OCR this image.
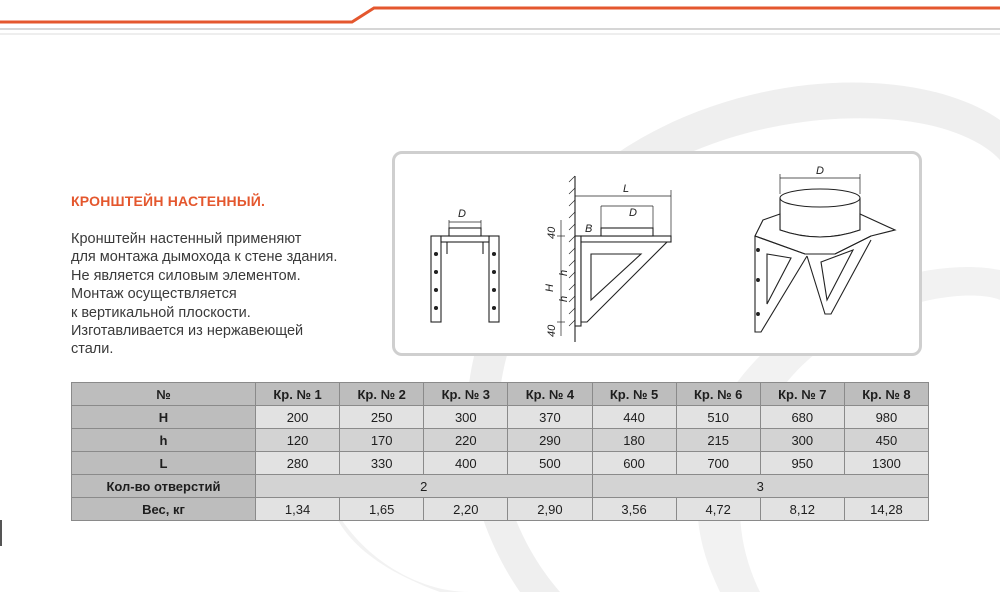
КРОНШТЕЙН НАСТЕННЫЙ.
Кронштейн настенный применяют
для монтажа дымохода к стене здания.
Не является силовым элементом.
Монтаж осуществляется
к вертикальной плоскости.
Изготавливается из нержавеющей
стали.
D
L
D
B
40
H
h
h
40
D
№	Кр. № 1	Кр. № 2	Кр. № 3	Кр. № 4	Кр. № 5	Кр. № 6	Кр. № 7	Кр. № 8
H	200	250	300	370	440	510	680	980
h	120	170	220	290	180	215	300	450
L	280	330	400	500	600	700	950	1300
Кол-во отверстий	2				3			
Вес, кг	1,34	1,65	2,20	2,90	3,56	4,72	8,12	14,28
